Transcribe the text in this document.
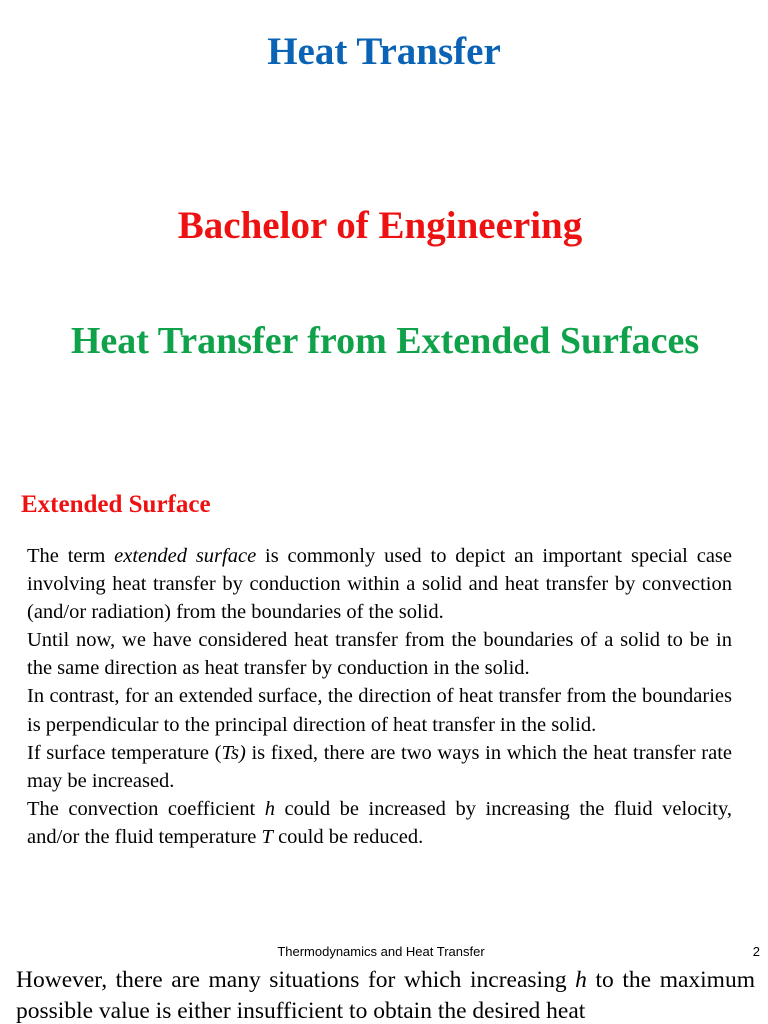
Heat Transfer
Bachelor of Engineering
Heat Transfer from Extended Surfaces
Extended Surface

The term extended surface is commonly used to depict an important special case involving heat transfer by conduction within a solid and heat transfer by convection (and/or radiation) from the boundaries of the solid.

Until now, we have considered heat transfer from the boundaries of a solid to be in the same direction as heat transfer by conduction in the solid.

In contrast, for an extended surface, the direction of heat transfer from the boundaries is perpendicular to the principal direction of heat transfer in the solid.

If surface temperature (Ts) is fixed, there are two ways in which the heat transfer rate may be increased.

The convection coefficient h could be increased by increasing the fluid velocity, and/or the fluid temperature T could be reduced.

Thermodynamics and Heat Transfer	2

However, there are many situations for which increasing h to the maximum possible value is either insufficient to obtain the desired heat
